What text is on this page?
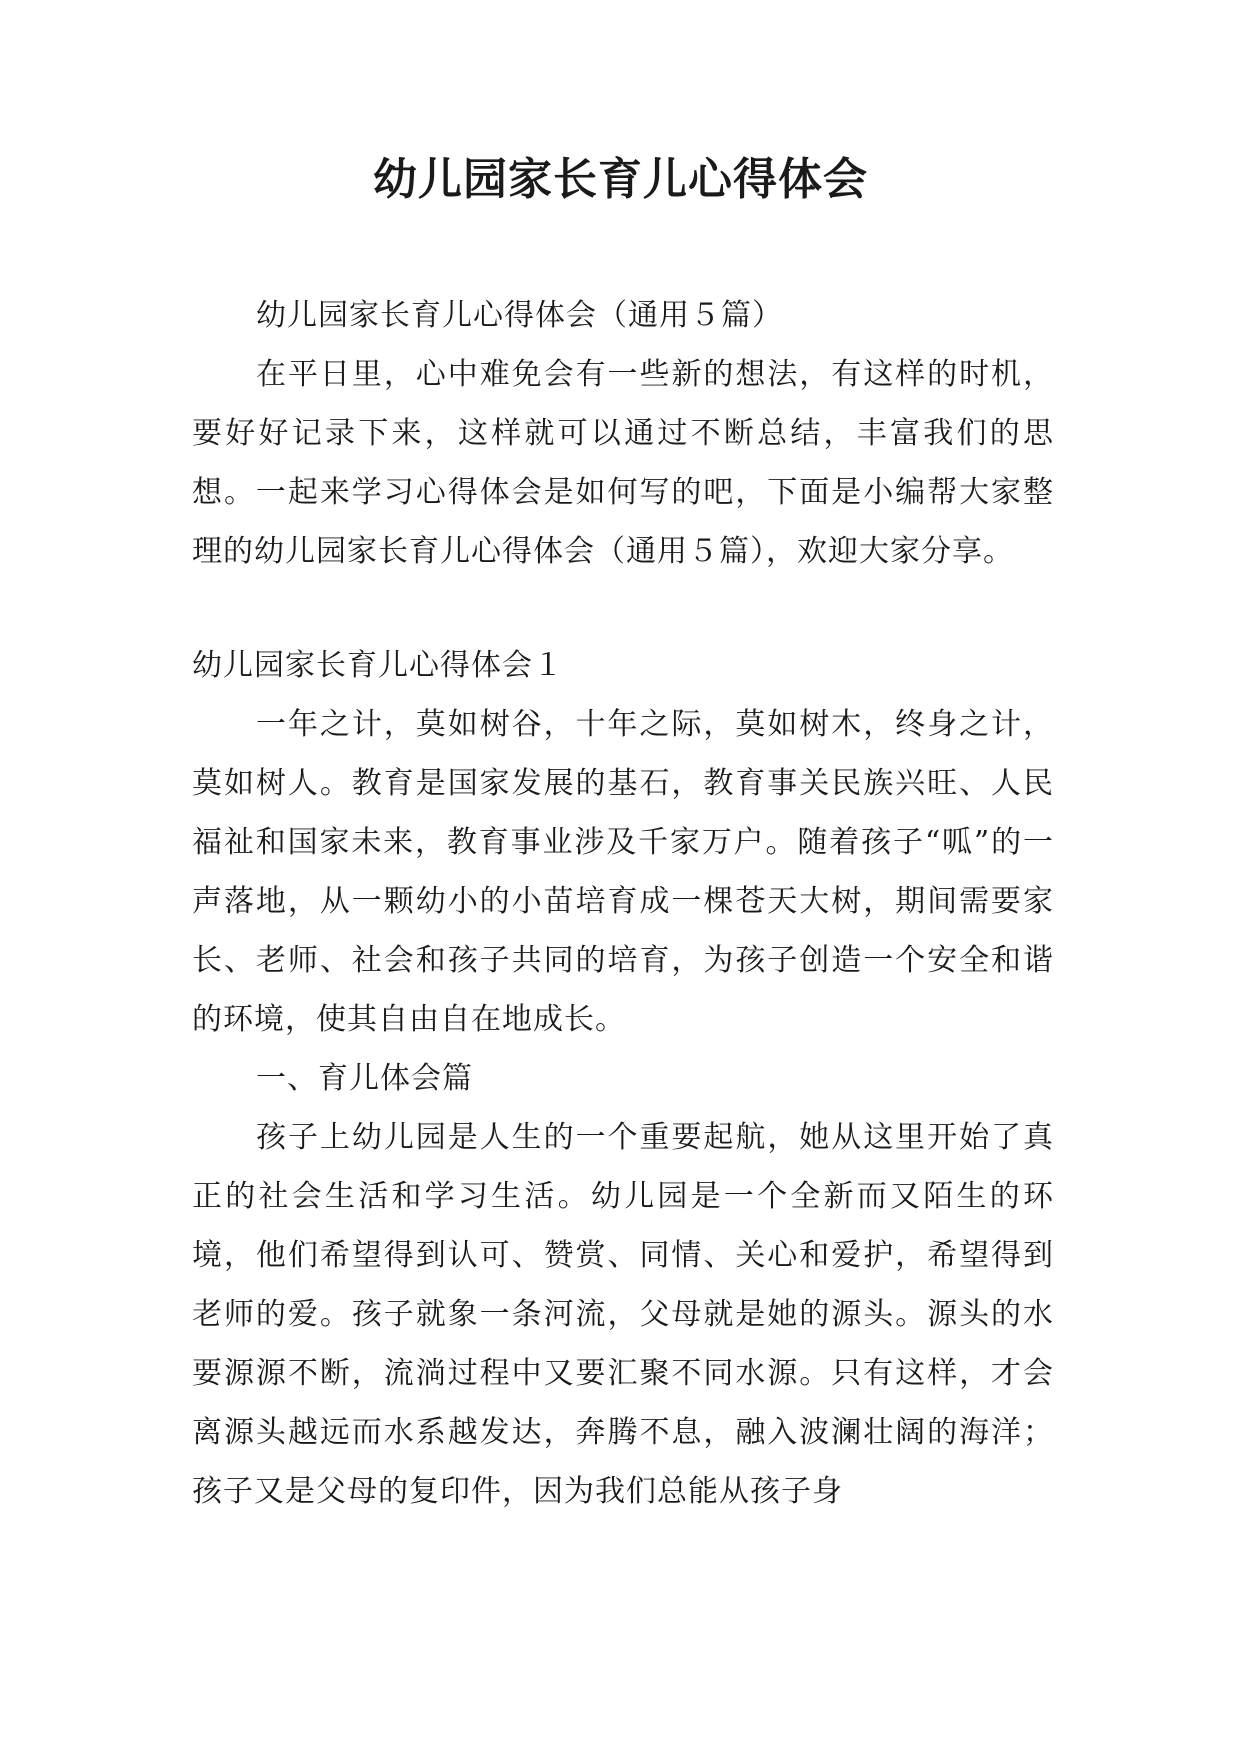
幼儿园家长育儿心得体会

幼儿园家长育儿心得体会（通用５篇）

在平日里，心中难免会有一些新的想法，有这样的时机，要好好记录下来，这样就可以通过不断总结，丰富我们的思想。一起来学习心得体会是如何写的吧，下面是小编帮大家整理的幼儿园家长育儿心得体会（通用５篇），欢迎大家分享。

幼儿园家长育儿心得体会１

一年之计，莫如树谷，十年之际，莫如树木，终身之计，莫如树人。教育是国家发展的基石，教育事关民族兴旺、人民福祉和国家未来，教育事业涉及千家万户。随着孩子“呱”的一声落地，从一颗幼小的小苗培育成一棵苍天大树，期间需要家长、老师、社会和孩子共同的培育，为孩子创造一个安全和谐的环境，使其自由自在地成长。

一、育儿体会篇

孩子上幼儿园是人生的一个重要起航，她从这里开始了真正的社会生活和学习生活。幼儿园是一个全新而又陌生的环境，他们希望得到认可、赞赏、同情、关心和爱护，希望得到老师的爱。孩子就象一条河流，父母就是她的源头。源头的水要源源不断，流淌过程中又要汇聚不同水源。只有这样，才会离源头越远而水系越发达，奔腾不息，融入波澜壮阔的海洋；孩子又是父母的复印件，因为我们总能从孩子身
